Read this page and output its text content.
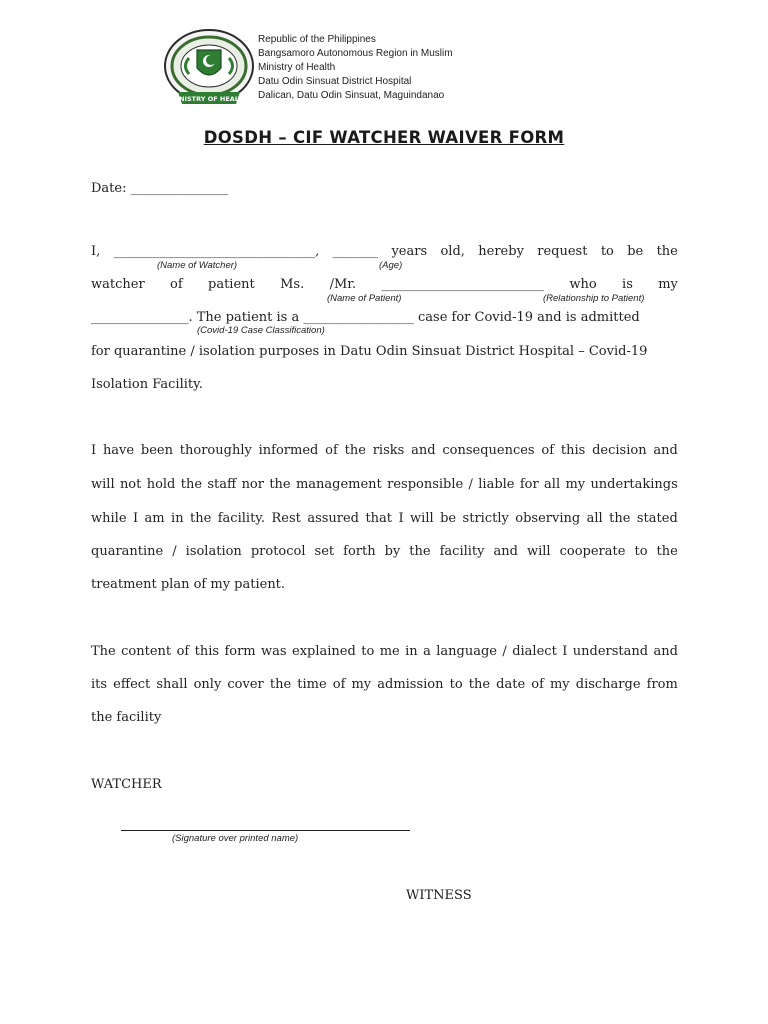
MINISTRY OF HEALTH
Republic of the Philippines
Bangsamoro Autonomous Region in Muslim
Ministry of Health
Datu Odin Sinsuat District Hospital
Dalican, Datu Odin Sinsuat, Maguindanao
DOSDH – CIF WATCHER WAIVER FORM
Date: _______________
I, _______________________________, _______ years old, hereby request to be the
(Name of Watcher)	(Age)
watcher of patient Ms. /Mr. _________________________ who is my
(Name of Patient)	(Relationship to Patient)
_______________. The patient is a _________________ case for Covid-19 and is admitted
(Covid-19 Case Classification)
for quarantine / isolation purposes in Datu Odin Sinsuat District Hospital – Covid-19
Isolation Facility.
I have been thoroughly informed of the risks and consequences of this decision and
will not hold the staff nor the management responsible / liable for all my undertakings
while I am in the facility. Rest assured that I will be strictly observing all the stated
quarantine / isolation protocol set forth by the facility and will cooperate to the
treatment plan of my patient.
The content of this form was explained to me in a language / dialect I understand and
its effect shall only cover the time of my admission to the date of my discharge from
the facility
WATCHER
(Signature over printed name)
WITNESS
